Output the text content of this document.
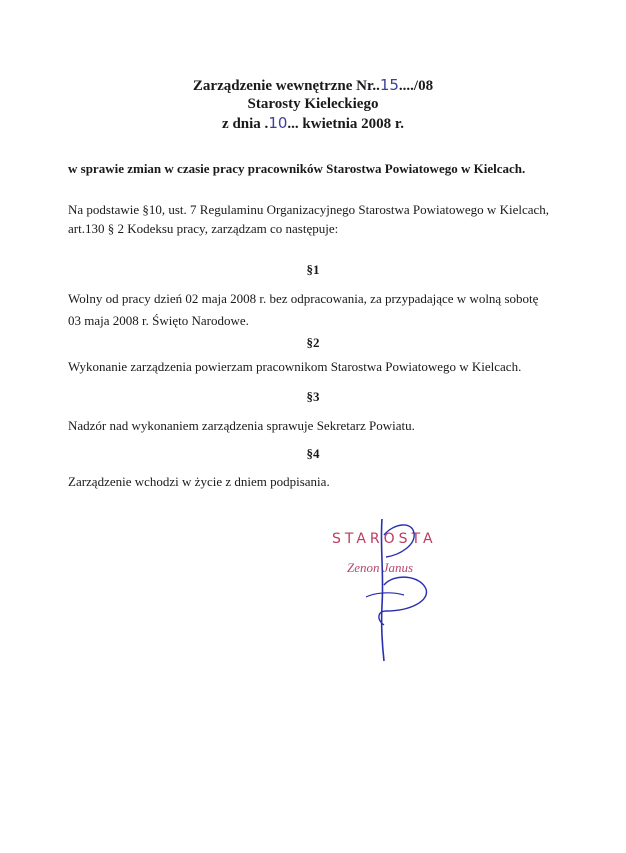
Zarządzenie wewnętrzne Nr..15..../08
Starosty Kieleckiego
z dnia .10... kwietnia 2008 r.
w sprawie zmian w czasie pracy pracowników Starostwa Powiatowego w Kielcach.
Na podstawie §10, ust. 7 Regulaminu Organizacyjnego Starostwa Powiatowego w Kielcach,
art.130 § 2 Kodeksu pracy, zarządzam co następuje:
§1
Wolny od pracy dzień 02 maja 2008 r. bez odpracowania, za przypadające w wolną sobotę
03 maja 2008 r. Święto Narodowe.
§2
Wykonanie zarządzenia powierzam pracownikom Starostwa Powiatowego w Kielcach.
§3
Nadzór nad wykonaniem zarządzenia sprawuje Sekretarz Powiatu.
§4
Zarządzenie wchodzi w życie z dniem podpisania.
STAROSTA
Zenon Janus
